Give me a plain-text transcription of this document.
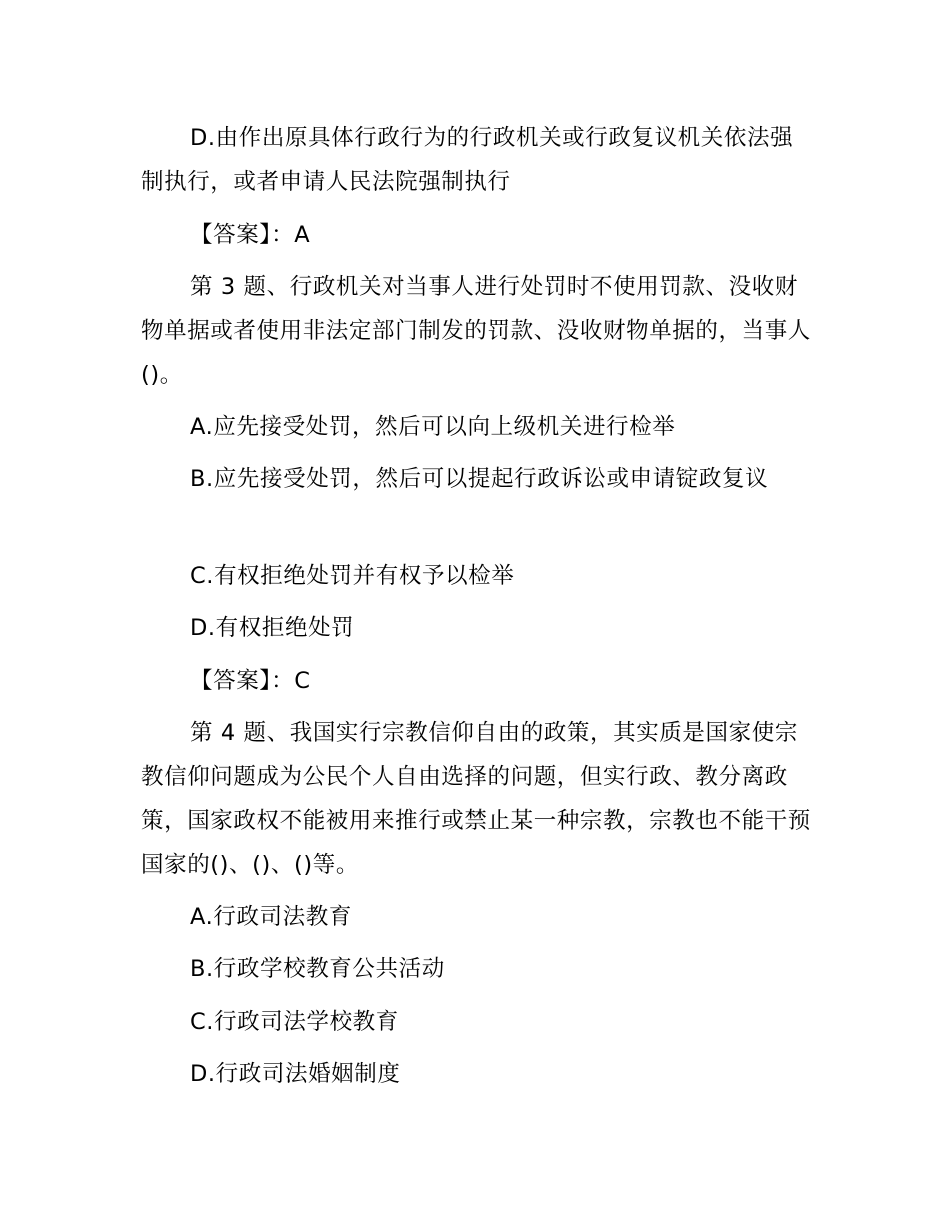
D.由作出原具体行政行为的行政机关或行政复议机关依法强制执行，或者申请人民法院强制执行

【答案】：A

第 3 题、行政机关对当事人进行处罚时不使用罚款、没收财物单据或者使用非法定部门制发的罚款、没收财物单据的，当事人()。

A.应先接受处罚，然后可以向上级机关进行检举

B.应先接受处罚，然后可以提起行政诉讼或申请锭政复议

C.有权拒绝处罚并有权予以检举

D.有权拒绝处罚

【答案】：C

第 4 题、我国实行宗教信仰自由的政策，其实质是国家使宗教信仰问题成为公民个人自由选择的问题，但实行政、教分离政策，国家政权不能被用来推行或禁止某一种宗教，宗教也不能干预国家的()、()、()等。

A.行政司法教育

B.行政学校教育公共活动

C.行政司法学校教育

D.行政司法婚姻制度
